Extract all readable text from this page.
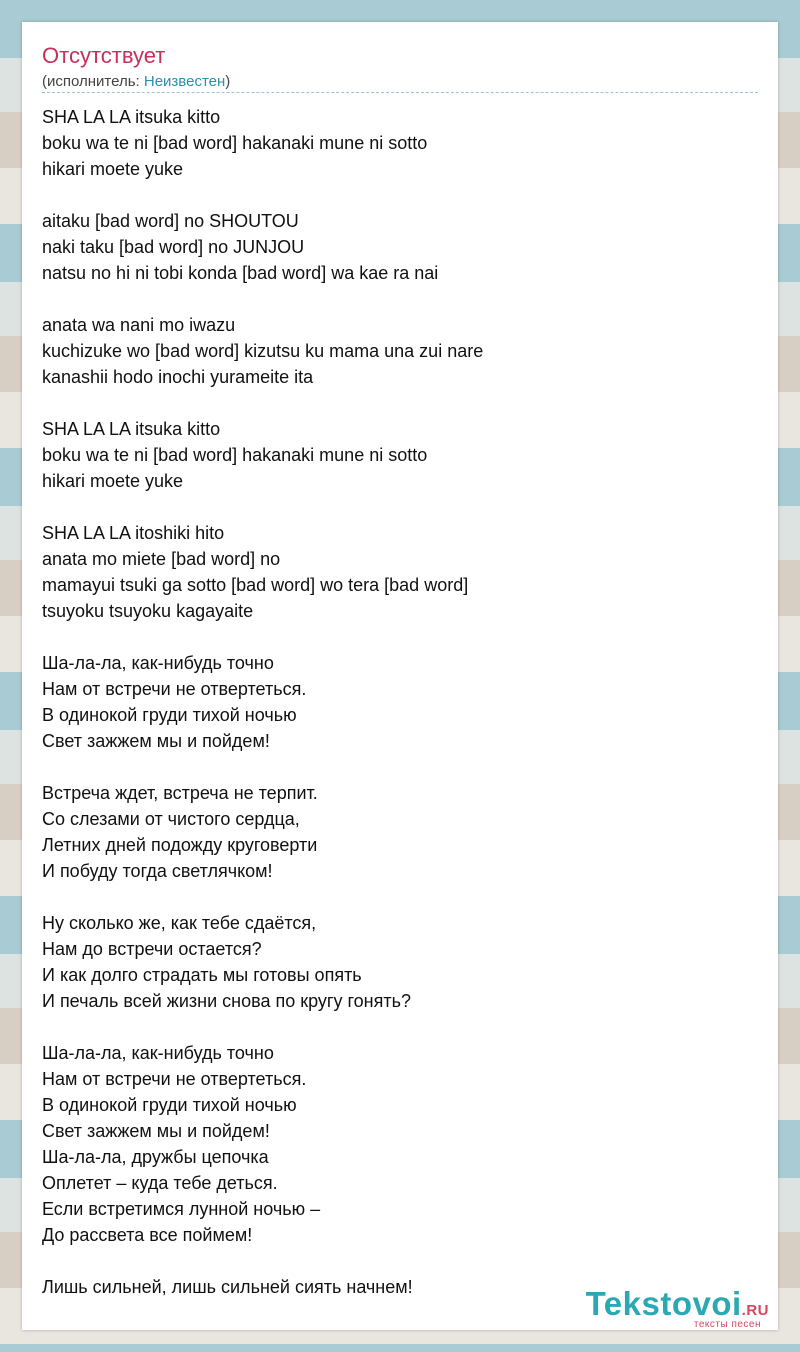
Отсутствует
(исполнитель: Неизвестен)
SHA LA LA itsuka kitto
boku wa te ni [bad word] hakanaki mune ni sotto
hikari moete yuke
aitaku [bad word] no SHOUTOU
naki taku [bad word] no JUNJOU
natsu no hi ni tobi konda [bad word] wa kae ra nai
anata wa nani mo iwazu
kuchizuke wo [bad word] kizutsu ku mama una zui nare
kanashii hodo inochi yurameite ita
SHA LA LA itsuka kitto
boku wa te ni [bad word] hakanaki mune ni sotto
hikari moete yuke
SHA LA LA itoshiki hito
anata mo miete [bad word] no
mamayui tsuki ga sotto [bad word] wo tera [bad word]
tsuyoku tsuyoku kagayaite
Ша-ла-ла, как-нибудь точно
Нам от встречи не отвертеться.
В одинокой груди тихой ночью
Свет зажжем мы и пойдем!
Встреча ждет, встреча не терпит.
Со слезами от чистого сердца,
Летних дней подожду круговерти
И побуду тогда светлячком!
Ну сколько же, как тебе сдаётся,
Нам до встречи остается?
И как долго страдать мы готовы опять
И печаль всей жизни снова по кругу гонять?
Ша-ла-ла, как-нибудь точно
Нам от встречи не отвертеться.
В одинокой груди тихой ночью
Свет зажжем мы и пойдем!
Ша-ла-ла, дружбы цепочка
Оплетет – куда тебе деться.
Если встретимся лунной ночью –
До рассвета все поймем!
Лишь сильней, лишь сильней сиять начнем!	Tekstovoi.RU
тексты песен
